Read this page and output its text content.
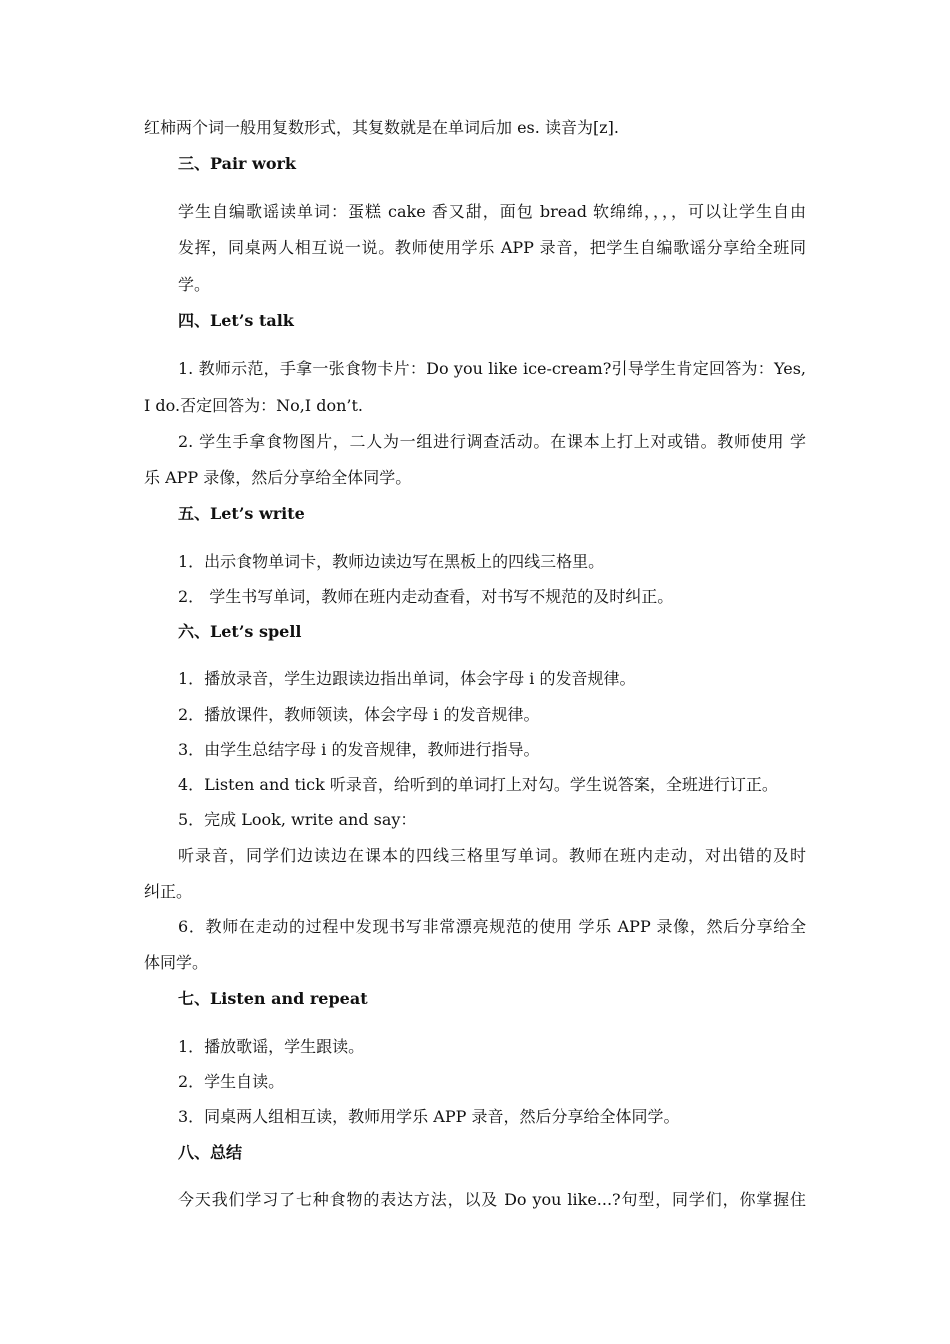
红柿两个词一般用复数形式，其复数就是在单词后加 es. 读音为[z].
三、Pair work
学生自编歌谣读单词：蛋糕 cake 香又甜，面包 bread 软绵绵，，，，可以让学生自由
发挥，同桌两人相互说一说。教师使用学乐 APP 录音，把学生自编歌谣分享给全班同
学。
四、Let’s talk
1. 教师示范，手拿一张食物卡片：Do you like ice-cream?引导学生肯定回答为：Yes,
I do.否定回答为：No,I don’t.
2. 学生手拿食物图片，二人为一组进行调查活动。在课本上打上对或错。教师使用 学
乐 APP 录像，然后分享给全体同学。
五、Let’s write
1．出示食物单词卡，教师边读边写在黑板上的四线三格里。
2． 学生书写单词，教师在班内走动查看，对书写不规范的及时纠正。
六、Let’s spell
1．播放录音，学生边跟读边指出单词，体会字母 i 的发音规律。
2．播放课件，教师领读，体会字母 i 的发音规律。
3．由学生总结字母 i 的发音规律，教师进行指导。
4．Listen and tick 听录音，给听到的单词打上对勾。学生说答案，全班进行订正。
5．完成 Look, write and say：
听录音，同学们边读边在课本的四线三格里写单词。教师在班内走动，对出错的及时
纠正。
6．教师在走动的过程中发现书写非常漂亮规范的使用 学乐 APP 录像，然后分享给全
体同学。
七、Listen and repeat
1．播放歌谣，学生跟读。
2．学生自读。
3．同桌两人组相互读，教师用学乐 APP 录音，然后分享给全体同学。
八、总结
今天我们学习了七种食物的表达方法，以及 Do you like...?句型，同学们，你掌握住
